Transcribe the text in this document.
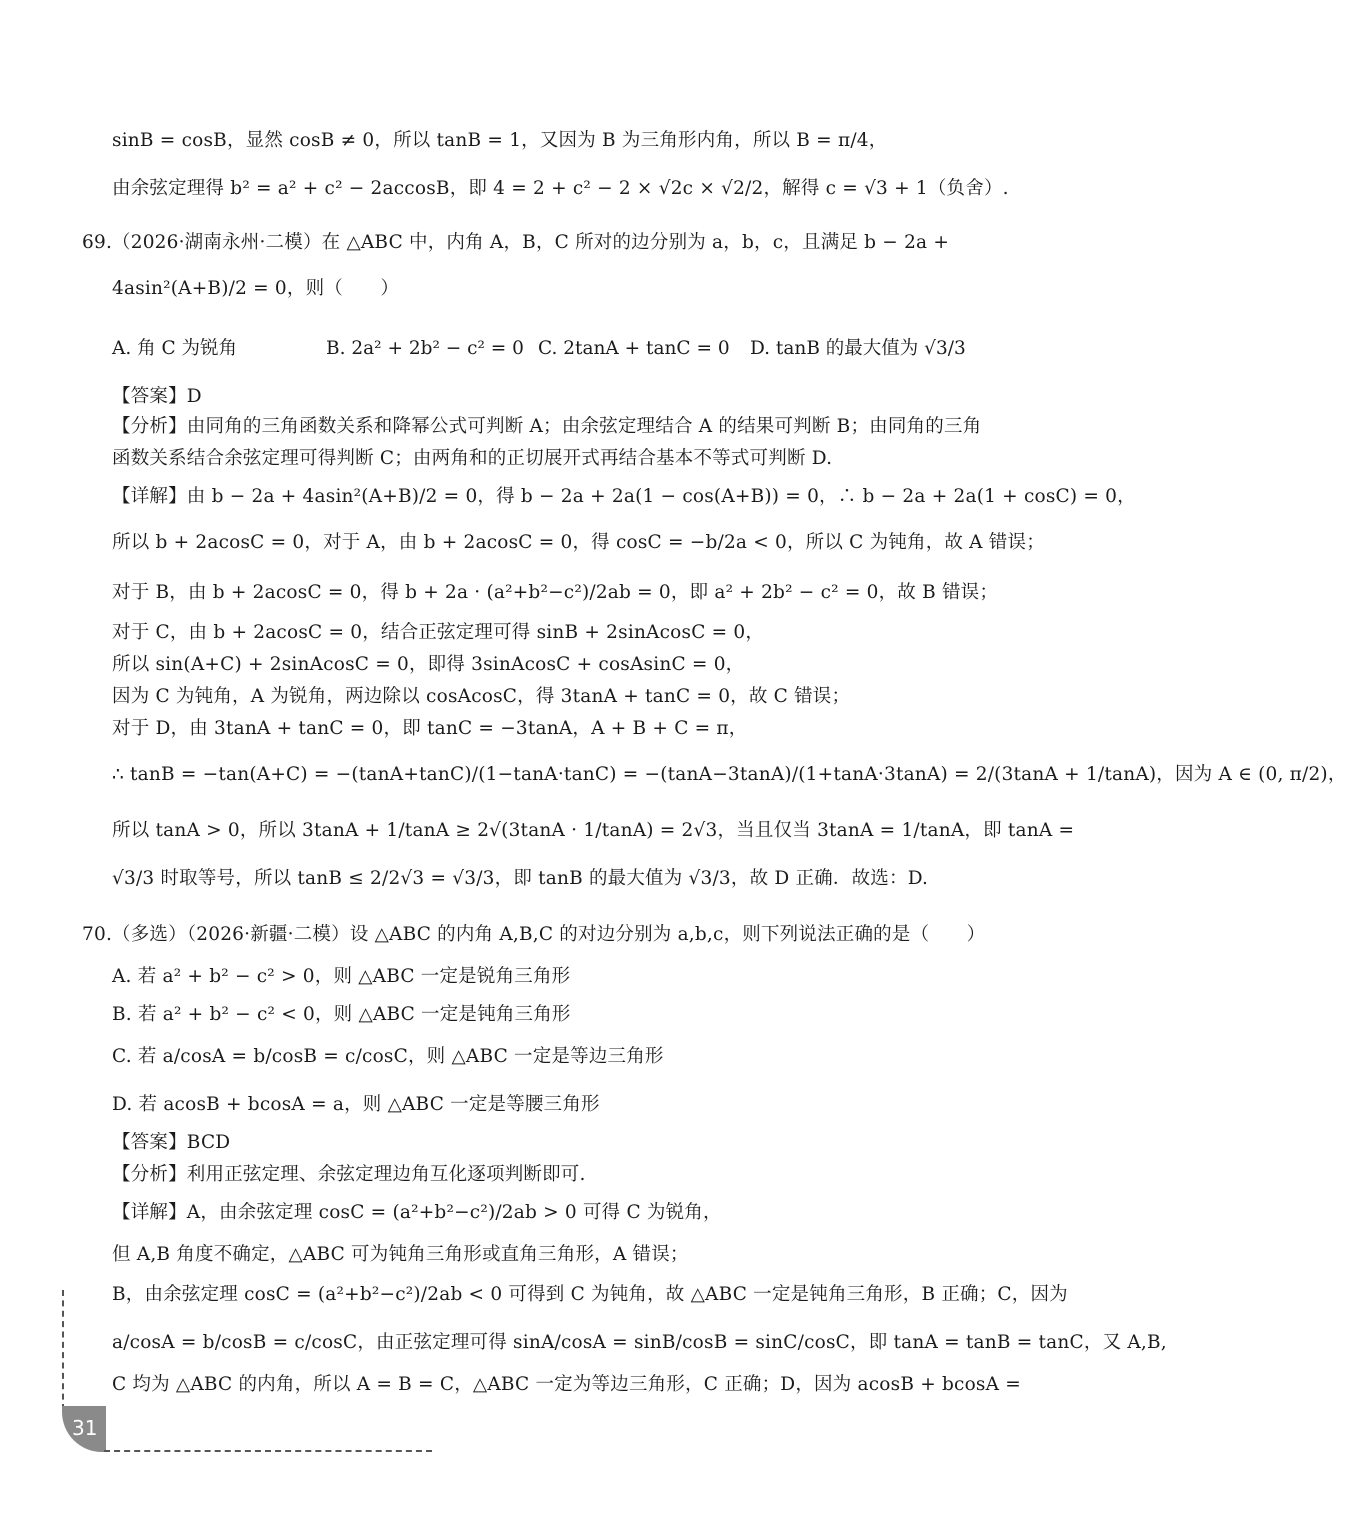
sinB = cosB，显然 cosB ≠ 0，所以 tanB = 1，又因为 B 为三角形内角，所以 B = π/4，
由余弦定理得 b² = a² + c² − 2accosB，即 4 = 2 + c² − 2 × √2c × √2/2，解得 c = √3 + 1（负舍）.
69.（2026·湖南永州·二模）在 △ABC 中，内角 A，B，C 所对的边分别为 a，b，c，且满足 b − 2a +
4asin²(A+B)/2 = 0，则（　　）
A. 角 C 为锐角	B. 2a² + 2b² − c² = 0 C. 2tanA + tanC = 0 D. tanB 的最大值为 √3/3
【答案】D
【分析】由同角的三角函数关系和降幂公式可判断 A；由余弦定理结合 A 的结果可判断 B；由同角的三角
函数关系结合余弦定理可得判断 C；由两角和的正切展开式再结合基本不等式可判断 D.
【详解】由 b − 2a + 4asin²(A+B)/2 = 0，得 b − 2a + 2a(1 − cos(A+B)) = 0，∴ b − 2a + 2a(1 + cosC) = 0，
所以 b + 2acosC = 0，对于 A，由 b + 2acosC = 0，得 cosC = −b/2a < 0，所以 C 为钝角，故 A 错误；
对于 B，由 b + 2acosC = 0，得 b + 2a · (a²+b²−c²)/2ab = 0，即 a² + 2b² − c² = 0，故 B 错误；
对于 C，由 b + 2acosC = 0，结合正弦定理可得 sinB + 2sinAcosC = 0，
所以 sin(A+C) + 2sinAcosC = 0，即得 3sinAcosC + cosAsinC = 0，
因为 C 为钝角，A 为锐角，两边除以 cosAcosC，得 3tanA + tanC = 0，故 C 错误；
对于 D，由 3tanA + tanC = 0，即 tanC = −3tanA，A + B + C = π，
∴ tanB = −tan(A+C) = −(tanA+tanC)/(1−tanA·tanC) = −(tanA−3tanA)/(1+tanA·3tanA) = 2/(3tanA + 1/tanA)，因为 A ∈ (0, π/2)，
所以 tanA > 0，所以 3tanA + 1/tanA ≥ 2√(3tanA · 1/tanA) = 2√3，当且仅当 3tanA = 1/tanA，即 tanA =
√3/3 时取等号，所以 tanB ≤ 2/2√3 = √3/3，即 tanB 的最大值为 √3/3，故 D 正确．故选：D.
70.（多选）（2026·新疆·二模）设 △ABC 的内角 A,B,C 的对边分别为 a,b,c，则下列说法正确的是（　　）
A. 若 a² + b² − c² > 0，则 △ABC 一定是锐角三角形
B. 若 a² + b² − c² < 0，则 △ABC 一定是钝角三角形
C. 若 a/cosA = b/cosB = c/cosC，则 △ABC 一定是等边三角形
D. 若 acosB + bcosA = a，则 △ABC 一定是等腰三角形
【答案】BCD
【分析】利用正弦定理、余弦定理边角互化逐项判断即可.
【详解】A，由余弦定理 cosC = (a²+b²−c²)/2ab > 0 可得 C 为锐角，
但 A,B 角度不确定，△ABC 可为钝角三角形或直角三角形，A 错误；
B，由余弦定理 cosC = (a²+b²−c²)/2ab < 0 可得到 C 为钝角，故 △ABC 一定是钝角三角形，B 正确；C，因为
a/cosA = b/cosB = c/cosC，由正弦定理可得 sinA/cosA = sinB/cosB = sinC/cosC，即 tanA = tanB = tanC，又 A,B,
C 均为 △ABC 的内角，所以 A = B = C，△ABC 一定为等边三角形，C 正确；D，因为 acosB + bcosA =
31
